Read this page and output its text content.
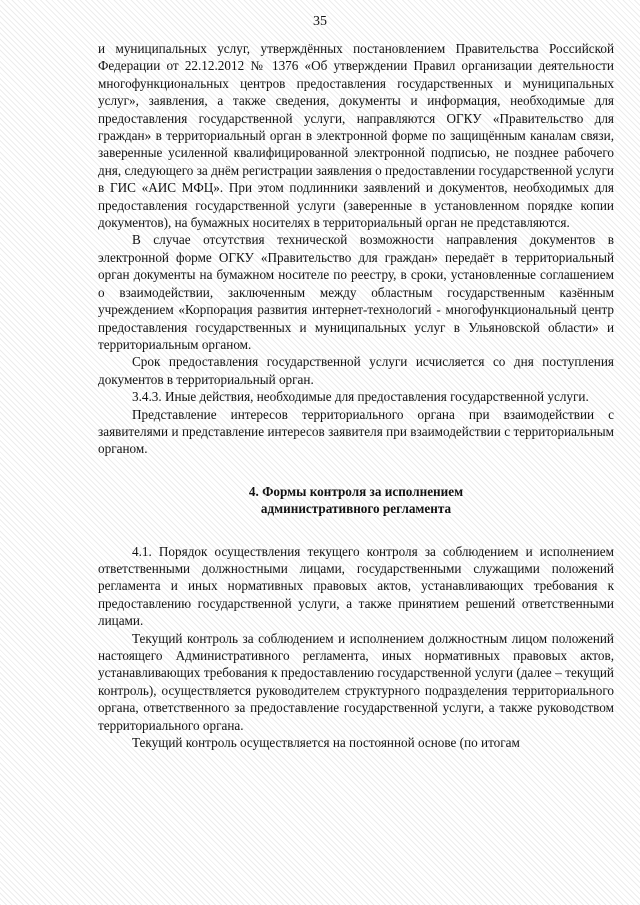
35

и муниципальных услуг, утверждённых постановлением Правительства Российской Федерации от 22.12.2012 № 1376 «Об утверждении Правил организации деятельности многофункциональных центров предоставления государственных и муниципальных услуг», заявления, а также сведения, документы и информация, необходимые для предоставления государственной услуги, направляются ОГКУ «Правительство для граждан» в территориальный орган в электронной форме по защищённым каналам связи, заверенные усиленной квалифицированной электронной подписью, не позднее рабочего дня, следующего за днём регистрации заявления о предоставлении государственной услуги в ГИС «АИС МФЦ». При этом подлинники заявлений и документов, необходимых для предоставления государственной услуги (заверенные в установленном порядке копии документов), на бумажных носителях в территориальный орган не представляются.

В случае отсутствия технической возможности направления документов в электронной форме ОГКУ «Правительство для граждан» передаёт в территориальный орган документы на бумажном носителе по реестру, в сроки, установленные соглашением о взаимодействии, заключенным между областным государственным казённым учреждением «Корпорация развития интернет-технологий - многофункциональный центр предоставления государственных и муниципальных услуг в Ульяновской области» и территориальным органом.

Срок предоставления государственной услуги исчисляется со дня поступления документов в территориальный орган.

3.4.3. Иные действия, необходимые для предоставления государственной услуги.

Представление интересов территориального органа при взаимодействии с заявителями и представление интересов заявителя при взаимодействии с территориальным органом.

4. Формы контроля за исполнением
административного регламента

4.1. Порядок осуществления текущего контроля за соблюдением и исполнением ответственными должностными лицами, государственными служащими положений регламента и иных нормативных правовых актов, устанавливающих требования к предоставлению государственной услуги, а также принятием решений ответственными лицами.

Текущий контроль за соблюдением и исполнением должностным лицом положений настоящего Административного регламента, иных нормативных правовых актов, устанавливающих требования к предоставлению государственной услуги (далее – текущий контроль), осуществляется руководителем структурного подразделения территориального органа, ответственного за предоставление государственной услуги, а также руководством территориального органа.

Текущий контроль осуществляется на постоянной основе (по итогам
